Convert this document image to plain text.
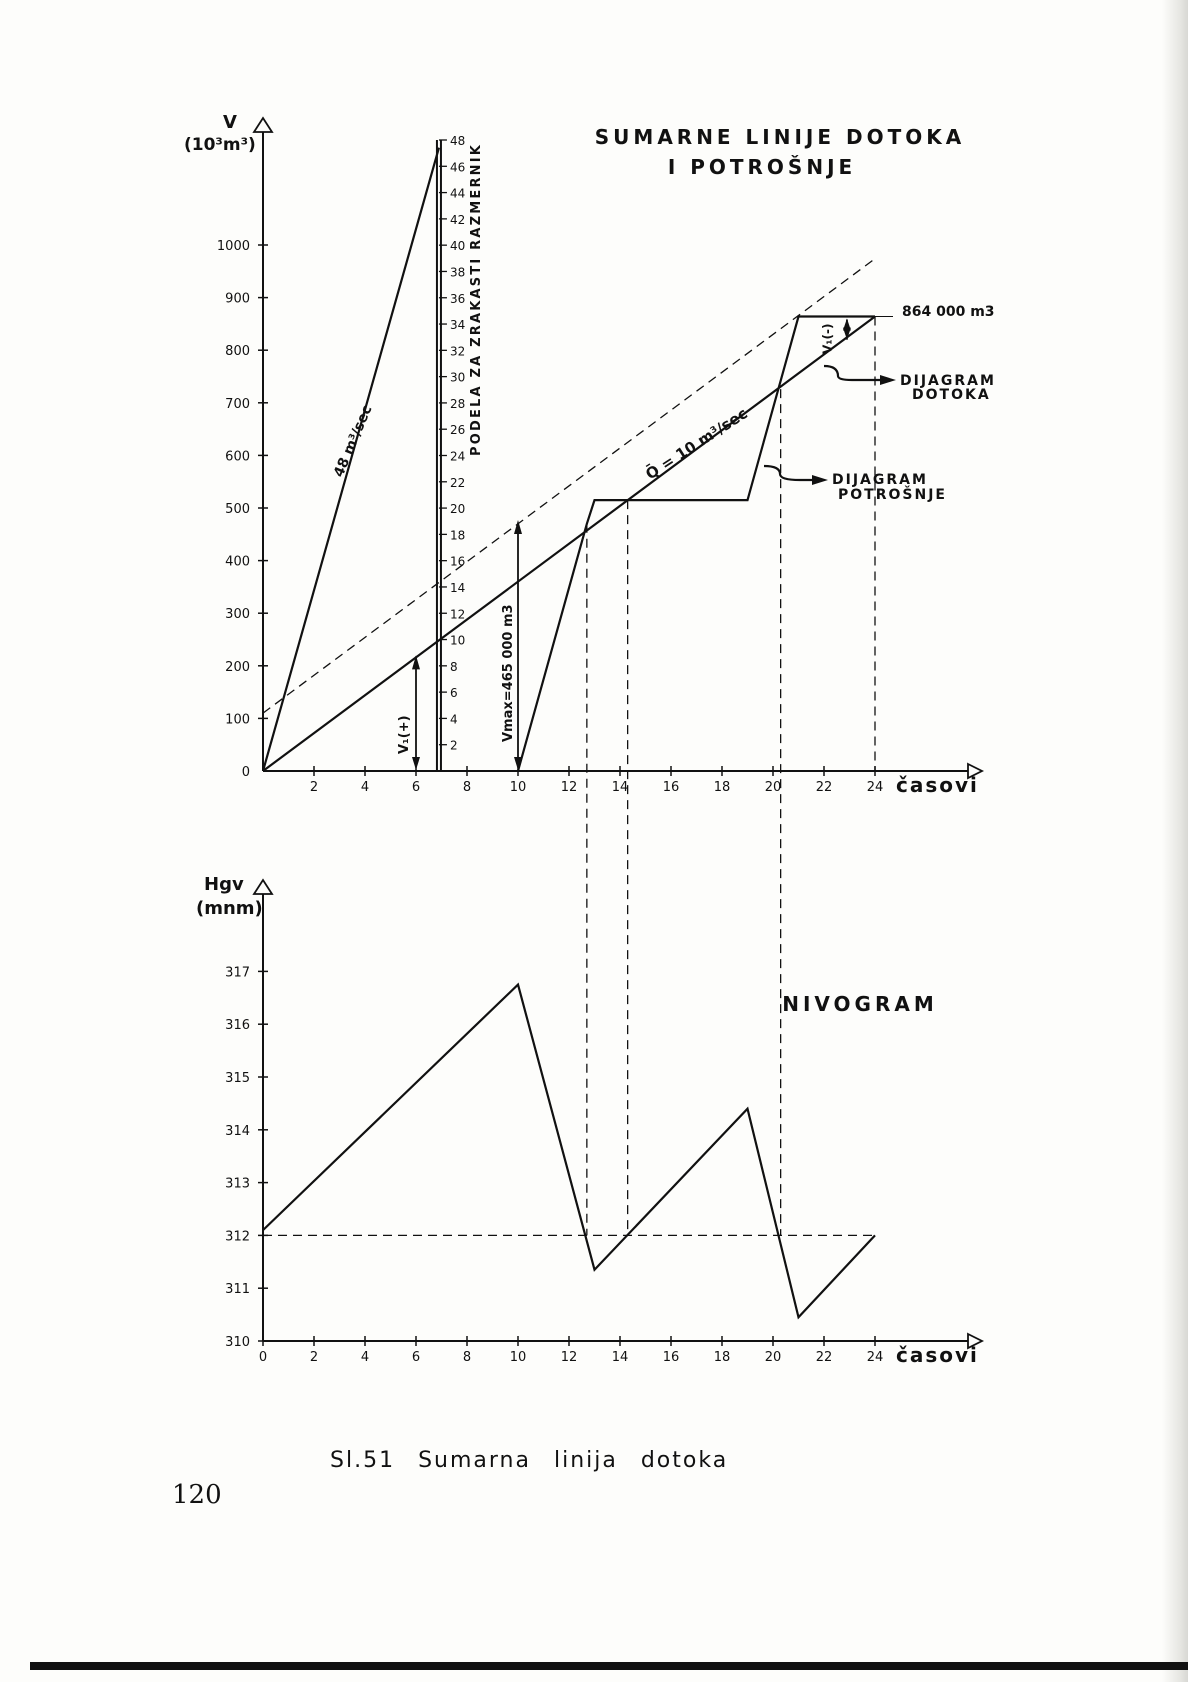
V
(10³m³)
0
100
200
300
400
500
600
700
800
900
1000
2	4	6	8	10	12	14	16	18	20	22	24 časovi
SUMARNE LINIJE DOTOKA
I POTROŠNJE
2
4
6
8
10
12
14
16
18
20
22
24
26
28
30
32
34
36
38
40
42
44
46
48
PODELA ZA ZRAKASTI RAZMERNIK
48 m³/sec	Q̄ = 10 m³/sec
864 000 m3
Vmax=465 000 m3
V₁(+)
V₁(-)
DIJAGRAM
DOTOKA
DIJAGRAM
POTROŠNJE
Hgv
(mnm)
310
311
312
313
314
315
316
317
0	2	4	6	8	10	12	14	16	18	20	22	24 časovi
NIVOGRAM
Sl.51 Sumarna linija dotoka
120
